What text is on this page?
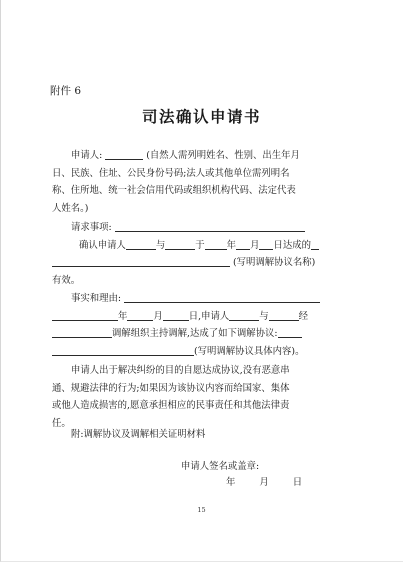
附件 6
司法确认申请书
申请人:	(自然人需列明姓名、性别、出生年月
日、民族、住址、公民身份号码;法人或其他单位需列明名
称、住所地、统一社会信用代码或组织机构代码、法定代表
人姓名。)
请求事项:
确认申请人	与	于 年 月 日达成的
(写明调解协议名称)
有效。
事实和理由:
年	月	日,申请人	与	经
调解组织主持调解,达成了如下调解协议:
(写明调解协议具体内容)。
申请人出于解决纠纷的目的自愿达成协议,没有恶意串
通、规避法律的行为;如果因为该协议内容而给国家、集体
或他人造成损害的,愿意承担相应的民事责任和其他法律责
任。
附:调解协议及调解相关证明材料
申请人签名或盖章:
年	月	日
15
